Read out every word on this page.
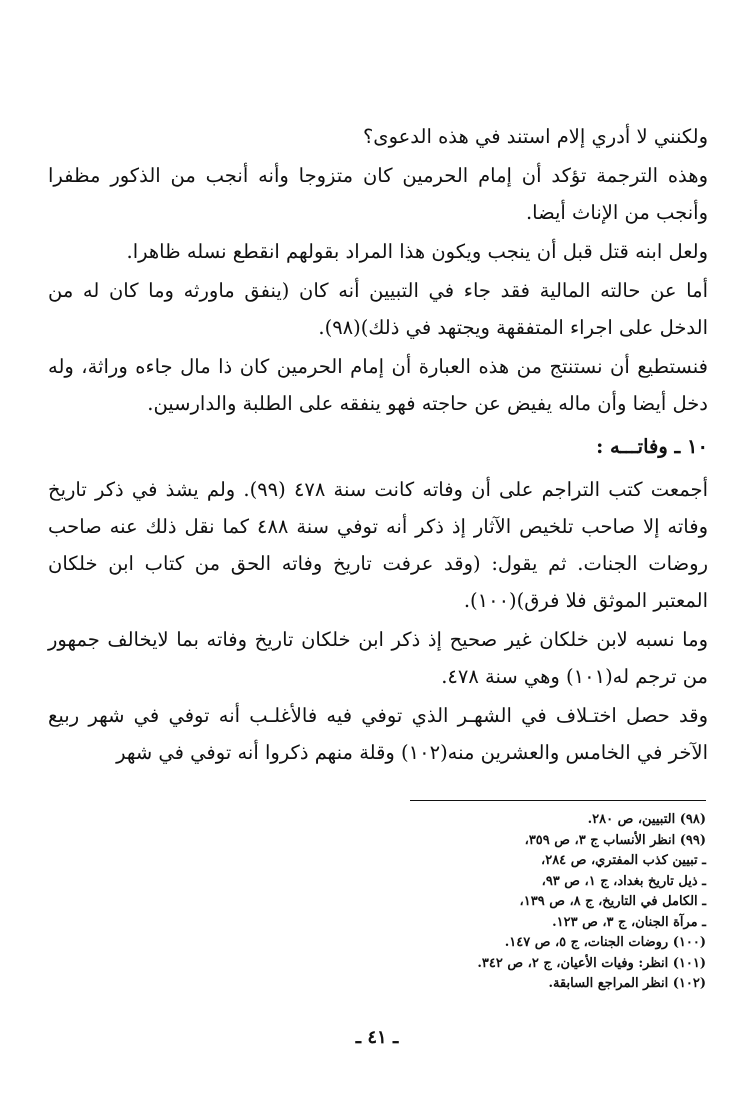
ولكنني لا أدري إلام استند في هذه الدعوى؟

وهذه الترجمة تؤكد أن إمام الحرمين كان متزوجا وأنه أنجب من الذكور مظفرا وأنجب من الإناث أيضا.

ولعل ابنه قتل قبل أن ينجب ويكون هذا المراد بقولهم انقطع نسله ظاهرا.

أما عن حالته المالية فقد جاء في التبيين أنه كان (ينفق ماورثه وما كان له من الدخل على اجراء المتفقهة ويجتهد في ذلك)(٩٨).

فنستطيع أن نستنتج من هذه العبارة أن إمام الحرمين كان ذا مال جاءه وراثة، وله دخل أيضا وأن ماله يفيض عن حاجته فهو ينفقه على الطلبة والدارسين.

١٠ ـ وفاتـــه :

أجمعت كتب التراجم على أن وفاته كانت سنة ٤٧٨ (٩٩). ولم يشذ في ذكر تاريخ وفاته إلا صاحب تلخيص الآثار إذ ذكر أنه توفي سنة ٤٨٨ كما نقل ذلك عنه صاحب روضات الجنات. ثم يقول: (وقد عرفت تاريخ وفاته الحق من كتاب ابن خلكان المعتبر الموثق فلا فرق)(١٠٠).

وما نسبه لابن خلكان غير صحيح إذ ذكر ابن خلكان تاريخ وفاته بما لايخالف جمهور من ترجم له(١٠١) وهي سنة ٤٧٨.

وقد حصل اختـلاف في الشهـر الذي توفي فيه فالأغلـب أنه توفي في شهر ربيع الآخر في الخامس والعشرين منه(١٠٢) وقلة منهم ذكروا أنه توفي في شهر

(٩٨) التبيين، ص ٢٨٠.
(٩٩) انظر الأنساب ج ٣، ص ٣٥٩،
ـ تبيين كذب المفتري، ص ٢٨٤،
ـ ذيل تاريخ بغداد، ج ١، ص ٩٣،
ـ الكامل في التاريخ، ج ٨، ص ١٣٩،
ـ مرآة الجنان، ج ٣، ص ١٢٣.
(١٠٠) روضات الجنات، ج ٥، ص ١٤٧.
(١٠١) انظر: وفيات الأعيان، ج ٢، ص ٣٤٢.
(١٠٢) انظر المراجع السابقة.
ـ ٤١ ـ
